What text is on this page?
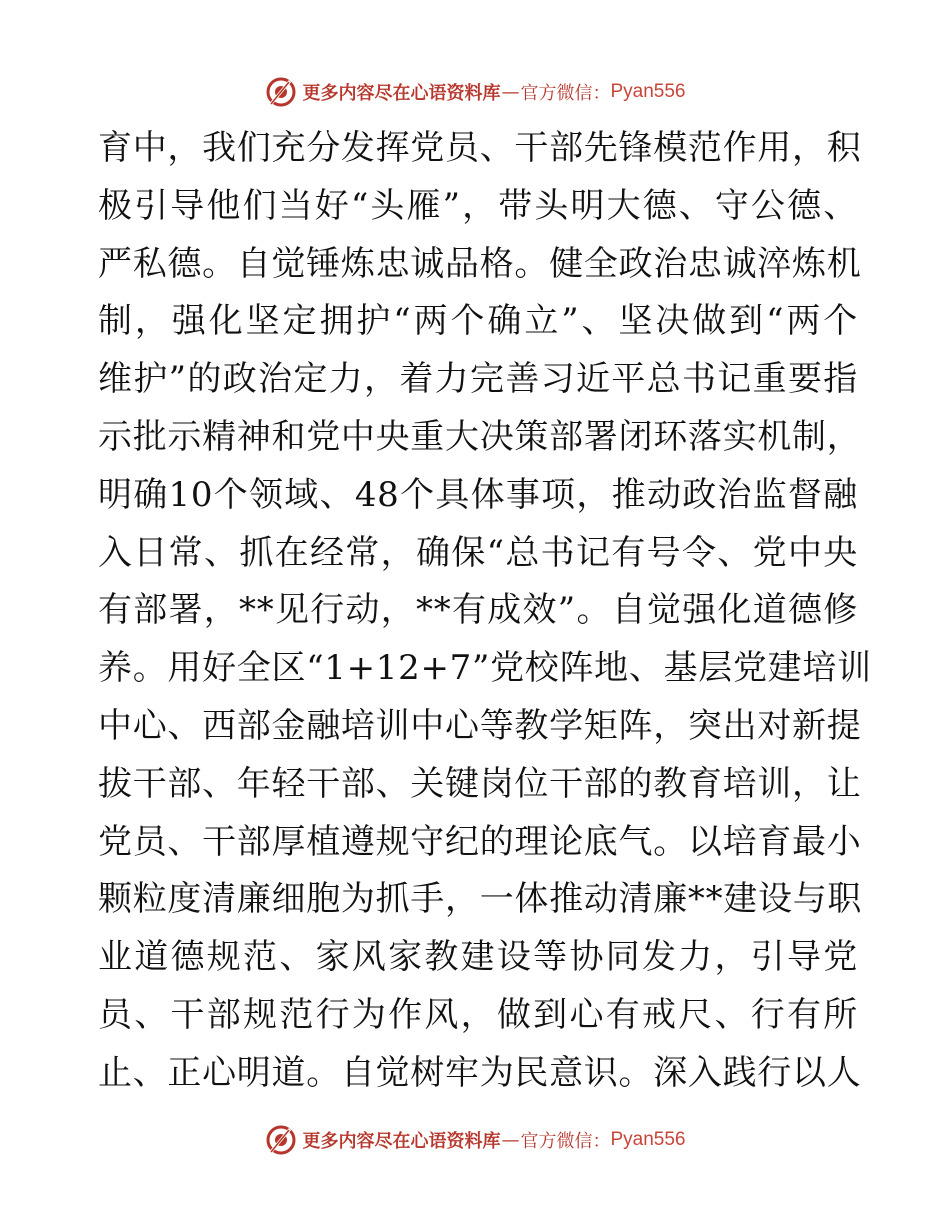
更多内容尽在心语资料库 — 官方微信： Pyan556
育中，我们充分发挥党员、干部先锋模范作用，积
极引导他们当好“头雁”，带头明大德、守公德、
严私德。自觉锤炼忠诚品格。健全政治忠诚淬炼机
制，强化坚定拥护“两个确立”、坚决做到“两个
维护”的政治定力，着力完善习近平总书记重要指
示批示精神和党中央重大决策部署闭环落实机制，
明确10个领域、48个具体事项，推动政治监督融
入日常、抓在经常，确保“总书记有号令、党中央
有部署，**见行动，**有成效”。自觉强化道德修
养。用好全区“1+12+7”党校阵地、基层党建培训
中心、西部金融培训中心等教学矩阵，突出对新提
拔干部、年轻干部、关键岗位干部的教育培训，让
党员、干部厚植遵规守纪的理论底气。以培育最小
颗粒度清廉细胞为抓手，一体推动清廉**建设与职
业道德规范、家风家教建设等协同发力，引导党
员、干部规范行为作风，做到心有戒尺、行有所
止、正心明道。自觉树牢为民意识。深入践行以人
更多内容尽在心语资料库 — 官方微信： Pyan556
